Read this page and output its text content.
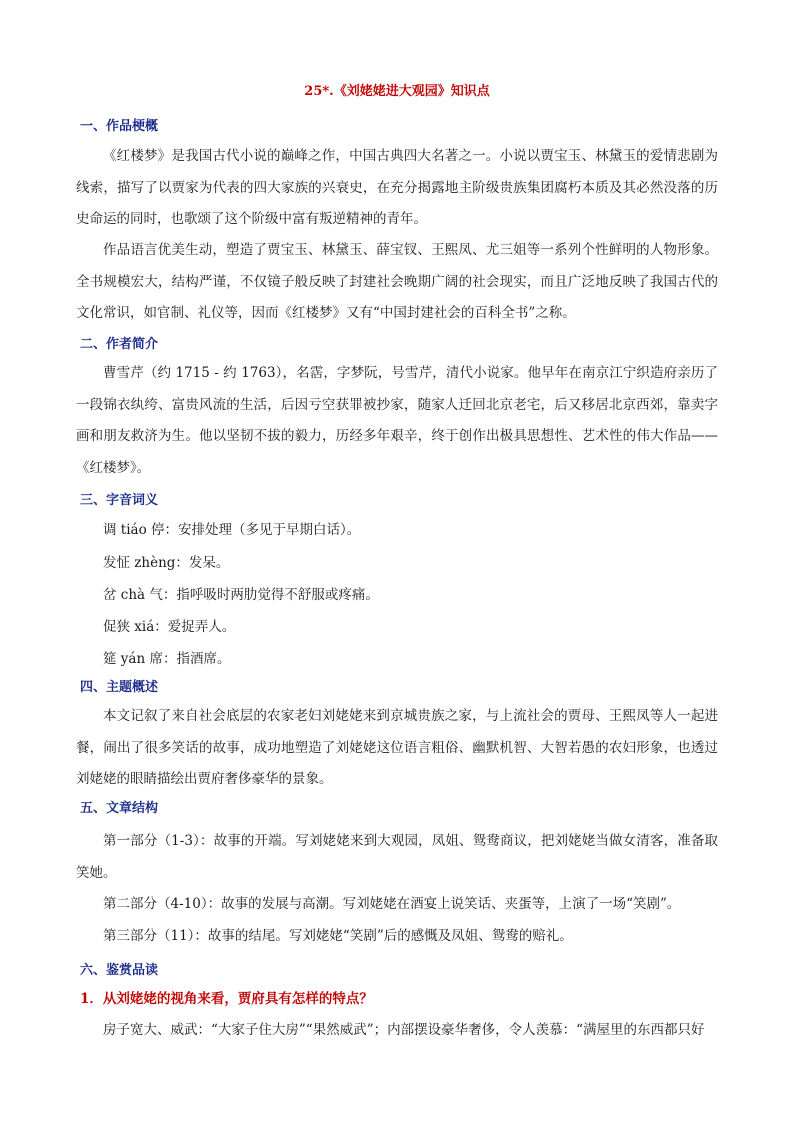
25*.《刘姥姥进大观园》知识点
一、作品梗概
《红楼梦》是我国古代小说的巅峰之作，中国古典四大名著之一。小说以贾宝玉、林黛玉的爱情悲剧为线索，描写了以贾家为代表的四大家族的兴衰史，在充分揭露地主阶级贵族集团腐朽本质及其必然没落的历史命运的同时，也歌颂了这个阶级中富有叛逆精神的青年。
作品语言优美生动，塑造了贾宝玉、林黛玉、薛宝钗、王熙凤、尤三姐等一系列个性鲜明的人物形象。全书规模宏大，结构严谨，不仅镜子般反映了封建社会晚期广阔的社会现实，而且广泛地反映了我国古代的文化常识，如官制、礼仪等，因而《红楼梦》又有“中国封建社会的百科全书”之称。
二、作者简介
曹雪芹（约 1715 - 约 1763），名霑，字梦阮，号雪芹，清代小说家。他早年在南京江宁织造府亲历了一段锦衣纨绔、富贵风流的生活，后因亏空获罪被抄家，随家人迁回北京老宅，后又移居北京西郊，靠卖字画和朋友救济为生。他以坚韧不拔的毅力，历经多年艰辛，终于创作出极具思想性、艺术性的伟大作品——《红楼梦》。
三、字音词义
调 tiáo 停：安排处理（多见于早期白话）。
发怔 zhèng：发呆。
岔 chà 气：指呼吸时两肋觉得不舒服或疼痛。
促狭 xiá：爱捉弄人。
筵 yán 席：指酒席。
四、主题概述
本文记叙了来自社会底层的农家老妇刘姥姥来到京城贵族之家，与上流社会的贾母、王熙凤等人一起进餐，闹出了很多笑话的故事，成功地塑造了刘姥姥这位语言粗俗、幽默机智、大智若愚的农妇形象，也透过刘姥姥的眼睛描绘出贾府奢侈豪华的景象。
五、文章结构
第一部分（1-3）：故事的开端。写刘姥姥来到大观园，凤姐、鸳鸯商议，把刘姥姥当做女清客，准备取笑她。
第二部分（4-10）：故事的发展与高潮。写刘姥姥在酒宴上说笑话、夹蛋等，上演了一场“笑剧”。
第三部分（11）：故事的结尾。写刘姥姥“笑剧”后的感慨及凤姐、鸳鸯的赔礼。
六、鉴赏品读
1．从刘姥姥的视角来看，贾府具有怎样的特点？
房子宽大、威武：“大家子住大房”“果然威武”；内部摆设豪华奢侈，令人羡慕：“满屋里的东西都只好
